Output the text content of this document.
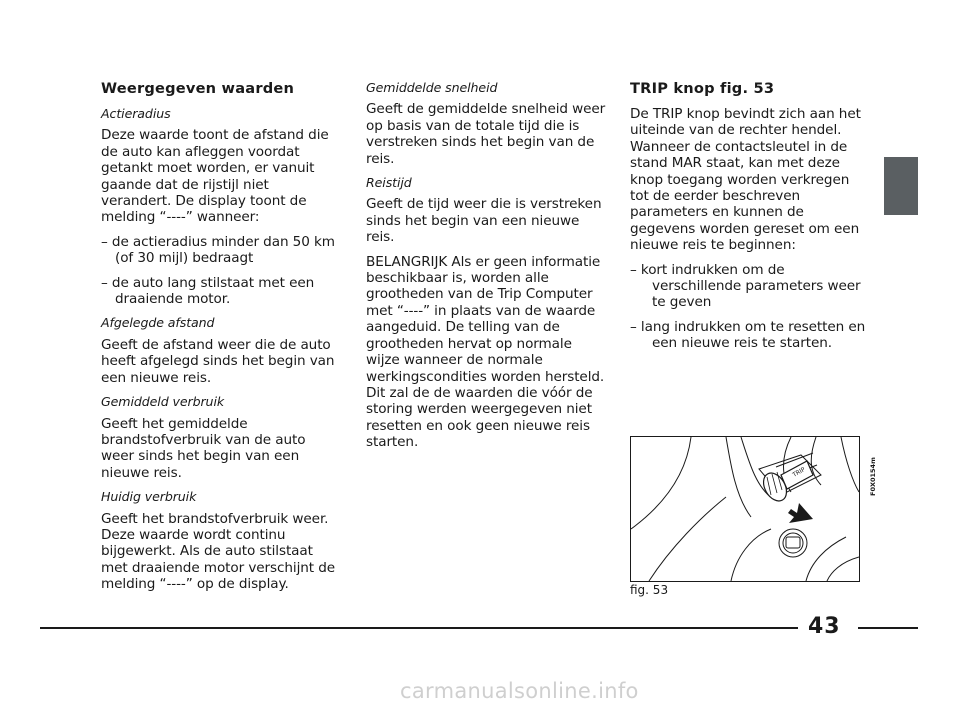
Weergegeven waarden

Actieradius

Deze waarde toont de afstand die de auto kan afleggen voordat getankt moet worden, er vanuit gaande dat de rijstijl niet verandert. De display toont de melding “----” wanneer:

– de actieradius minder dan 50 km (of 30 mijl) bedraagt

– de auto lang stilstaat met een draaiende motor.

Afgelegde afstand

Geeft de afstand weer die de auto heeft afgelegd sinds het begin van een nieuwe reis.

Gemiddeld verbruik

Geeft het gemiddelde brandstofverbruik van de auto weer sinds het begin van een nieuwe reis.

Huidig verbruik

Geeft het brandstofverbruik weer. Deze waarde wordt continu bijgewerkt. Als de auto stilstaat met draaiende motor verschijnt de melding “----” op de display.

Gemiddelde snelheid

Geeft de gemiddelde snelheid weer op basis van de totale tijd die is verstreken sinds het begin van de reis.

Reistijd

Geeft de tijd weer die is verstreken sinds het begin van een nieuwe reis.

BELANGRIJK Als er geen informatie beschikbaar is, worden alle grootheden van de Trip Computer met “----” in plaats van de waarde aangeduid. De telling van de grootheden hervat op normale wijze wanneer de normale werkingscondities worden hersteld. Dit zal de de waarden die vóór de storing werden weergegeven niet resetten en ook geen nieuwe reis starten.

TRIP knop fig. 53

De TRIP knop bevindt zich aan het uiteinde van de rechter hendel. Wanneer de contactsleutel in de stand MAR staat, kan met deze knop toegang worden verkregen tot de eerder beschreven parameters en kunnen de gegevens worden gereset om een nieuwe reis te beginnen:

– kort indrukken om de verschillende parameters weer te geven

– lang indrukken om te resetten en een nieuwe reis te starten.

TRIP	F0X0154m
fig. 53
43
carmanualsonline.info
